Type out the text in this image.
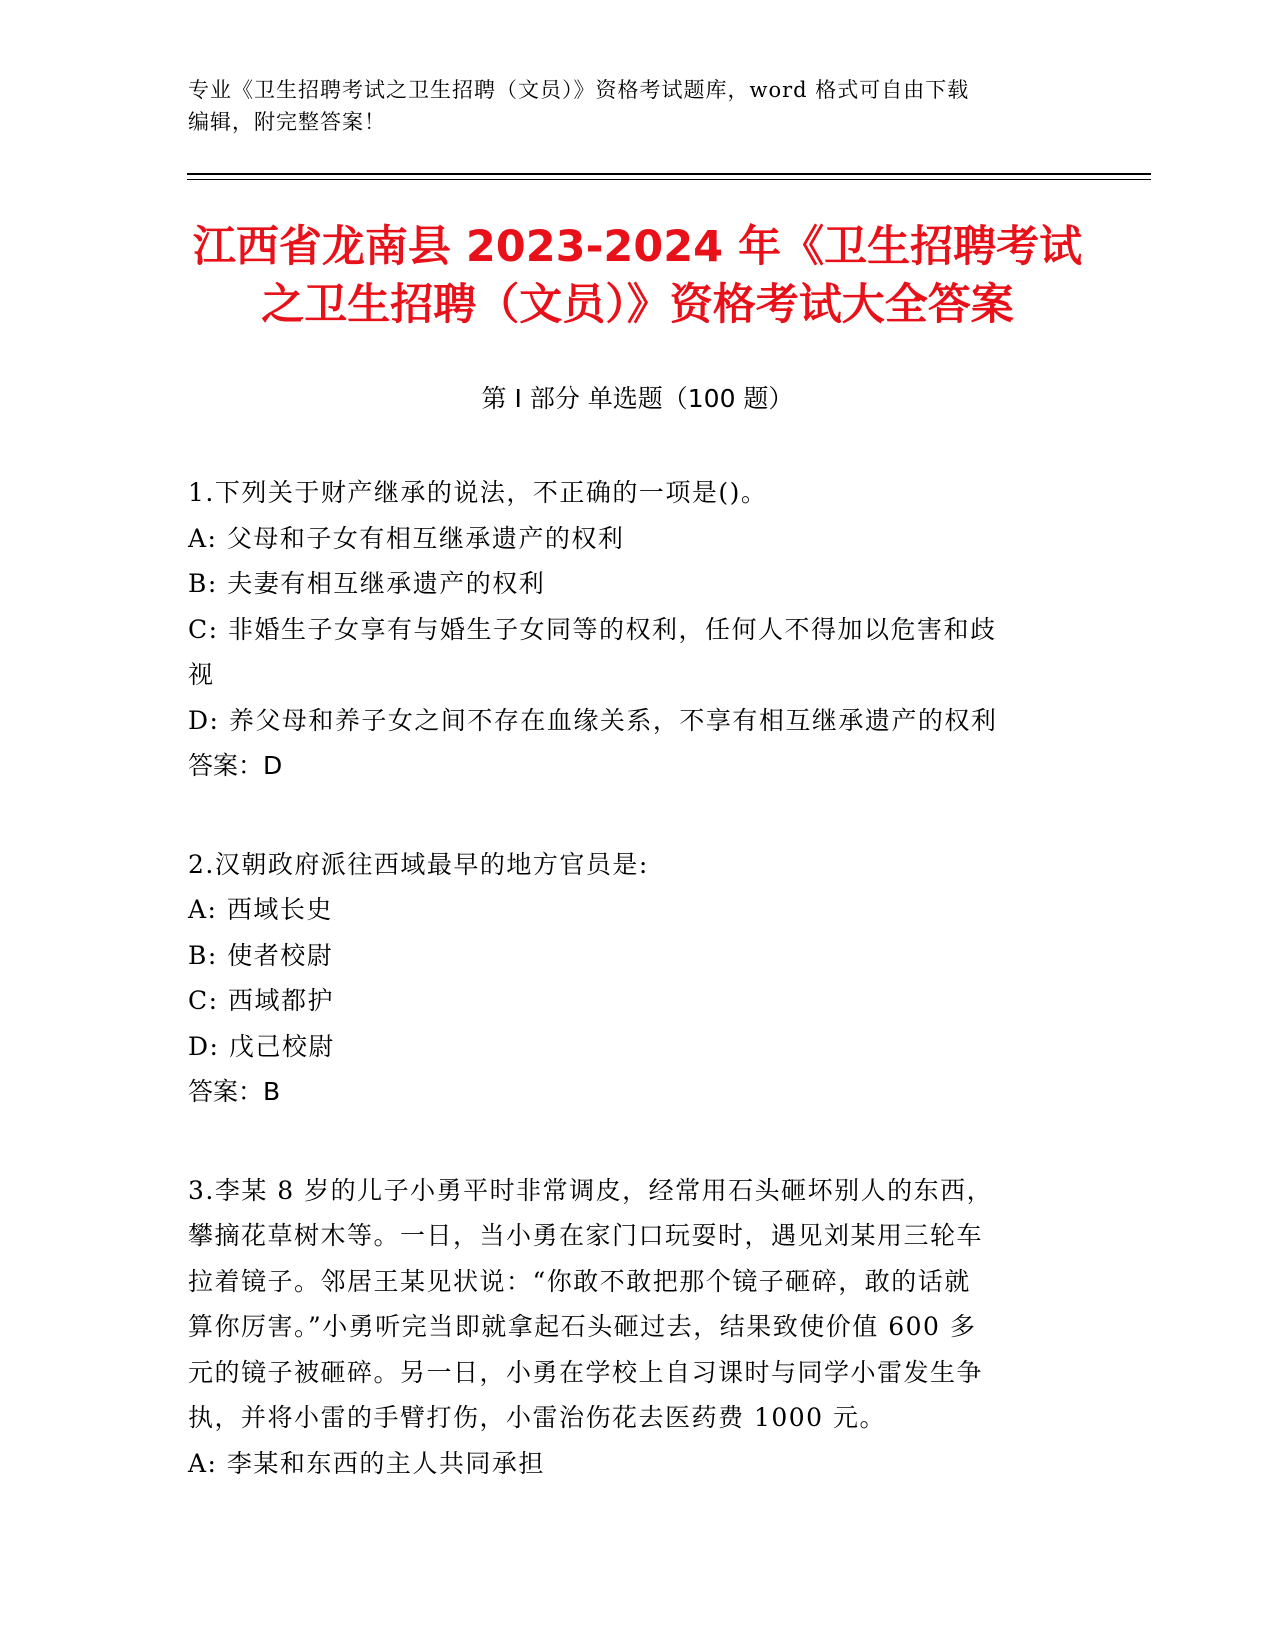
专业《卫生招聘考试之卫生招聘（文员）》资格考试题库，word 格式可自由下载
编辑，附完整答案！
江西省龙南县 2023-2024 年《卫生招聘考试
之卫生招聘（文员）》资格考试大全答案
第 I 部分 单选题（100 题）
1.下列关于财产继承的说法，不正确的一项是()。
A: 父母和子女有相互继承遗产的权利
B: 夫妻有相互继承遗产的权利
C: 非婚生子女享有与婚生子女同等的权利，任何人不得加以危害和歧
视
D: 养父母和养子女之间不存在血缘关系，不享有相互继承遗产的权利
答案：D
2.汉朝政府派往西域最早的地方官员是:
A: 西域长史
B: 使者校尉
C: 西域都护
D: 戊己校尉
答案：B
3.李某 8 岁的儿子小勇平时非常调皮，经常用石头砸坏别人的东西，
攀摘花草树木等。一日，当小勇在家门口玩耍时，遇见刘某用三轮车
拉着镜子。邻居王某见状说：“你敢不敢把那个镜子砸碎，敢的话就
算你厉害。”小勇听完当即就拿起石头砸过去，结果致使价值 600 多
元的镜子被砸碎。另一日，小勇在学校上自习课时与同学小雷发生争
执，并将小雷的手臂打伤，小雷治伤花去医药费 1000 元。
A: 李某和东西的主人共同承担
